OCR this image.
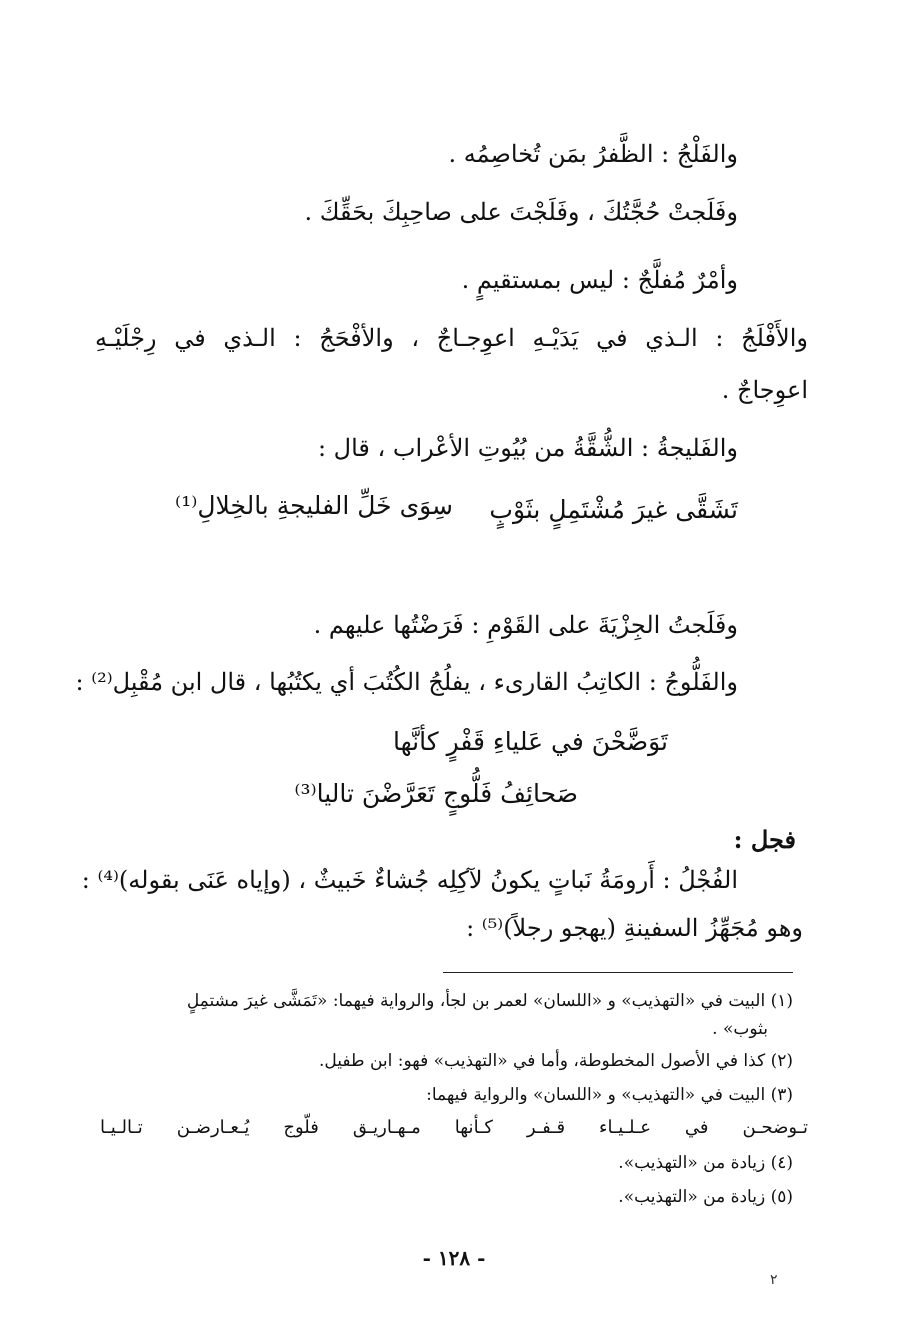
والفَلْجُ : الظَّفرُ بمَن تُخاصِمُه .
وفَلَجتْ حُجَّتُكَ ، وفَلَجْتَ على صاحِبِكَ بحَقِّكَ .
وأمْرٌ مُفلَّجٌ : ليس بمستقيمٍ .
والأَفْلَجُ : الـذي في يَدَيْـهِ اعوِجـاجٌ ، والأفْحَجُ : الـذي في رِجْلَيْـهِ
اعوِجاجٌ .
والفَليجةُ : الشُّقَّةُ من بُيُوتِ الأعْراب ، قال :
تَشَقَّى غيرَ مُشْتَمِلٍ بثَوْبٍ
سِوَى خَلِّ الفليجةِ بالخِلالِ⁽¹⁾
وفَلَجتُ الجِزْيَةَ على القَوْمِ : فَرَضْتُها عليهم .
والفَلُّوجُ : الكاتِبُ القارىء ، يفلُجُ الكُتُبَ أي يكتُبُها ، قال ابن مُقْبِل⁽²⁾ :
تَوَضَّحْنَ في عَلياءِ قَفْرٍ كأنَّها
صَحائِفُ فَلُّوجٍ تَعَرَّضْنَ تاليا⁽³⁾
فجل :
الفُجْلُ : أَرومَةُ نَباتٍ يكونُ لآكِلِه جُشاءٌ خَبيثٌ ، (وإياه عَنَى بقوله)⁽⁴⁾ :
وهو مُجَهِّزُ السفينةِ (يهجو رجلاً)⁽⁵⁾ :
(١) البيت في «التهذيب» و «اللسان» لعمر بن لجأ، والرواية فيهما: «تَمَشَّى غيرَ مشتمِلٍ
بثوب» .
(٢) كذا في الأصول المخطوطة، وأما في «التهذيب» فهو: ابن طفيل.
(٣) البيت في «التهذيب» و «اللسان» والرواية فيهما:
تـوضحـن في عـلـيـاء قـفـر كـأنها مـهـاريـق فلّوج يُـعـارضـن تـالـيـا
(٤) زيادة من «التهذيب».
(٥) زيادة من «التهذيب».
- ١٢٨ -
٢
